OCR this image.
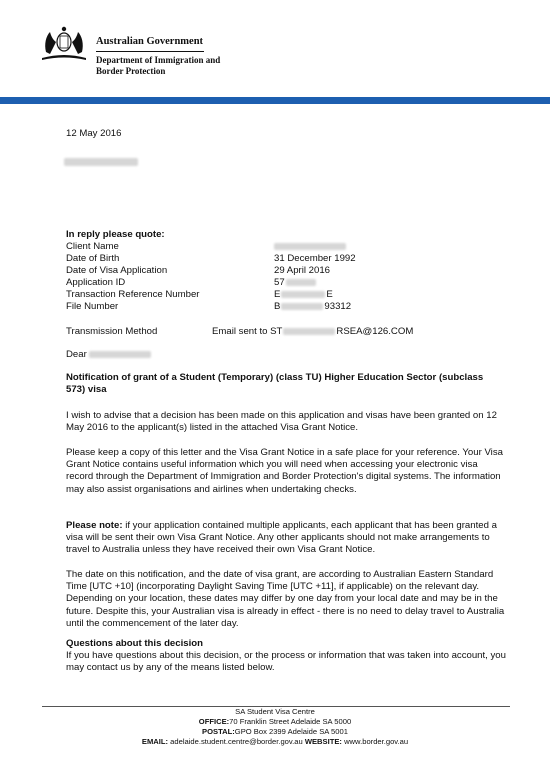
Australian Government
Department of Immigration and Border Protection
12 May 2016
In reply please quote:
Client Name
Date of Birth	31 December 1992
Date of Visa Application	29 April 2016
Application ID	57
Transaction Reference Number	E	E
File Number	B	93312
Transmission Method	Email sent to ST	RSEA@126.COM
Dear
Notification of grant of a Student (Temporary) (class TU) Higher Education Sector (subclass 573) visa
I wish to advise that a decision has been made on this application and visas have been granted on 12 May 2016 to the applicant(s) listed in the attached Visa Grant Notice.
Please keep a copy of this letter and the Visa Grant Notice in a safe place for your reference. Your Visa Grant Notice contains useful information which you will need when accessing your electronic visa record through the Department of Immigration and Border Protection's digital systems. The information may also assist organisations and airlines when undertaking checks.
Please note: if your application contained multiple applicants, each applicant that has been granted a visa will be sent their own Visa Grant Notice. Any other applicants should not make arrangements to travel to Australia unless they have received their own Visa Grant Notice.
The date on this notification, and the date of visa grant, are according to Australian Eastern Standard Time [UTC +10] (incorporating Daylight Saving Time [UTC +11], if applicable) on the relevant day. Depending on your location, these dates may differ by one day from your local date and may be in the future. Despite this, your Australian visa is already in effect - there is no need to delay travel to Australia until the commencement of the later day.
Questions about this decision
If you have questions about this decision, or the process or information that was taken into account, you may contact us by any of the means listed below.
SA Student Visa Centre
OFFICE:70 Franklin Street Adelaide SA 5000
POSTAL:GPO Box 2399 Adelaide SA 5001
EMAIL: adelaide.student.centre@border.gov.au WEBSITE: www.border.gov.au
